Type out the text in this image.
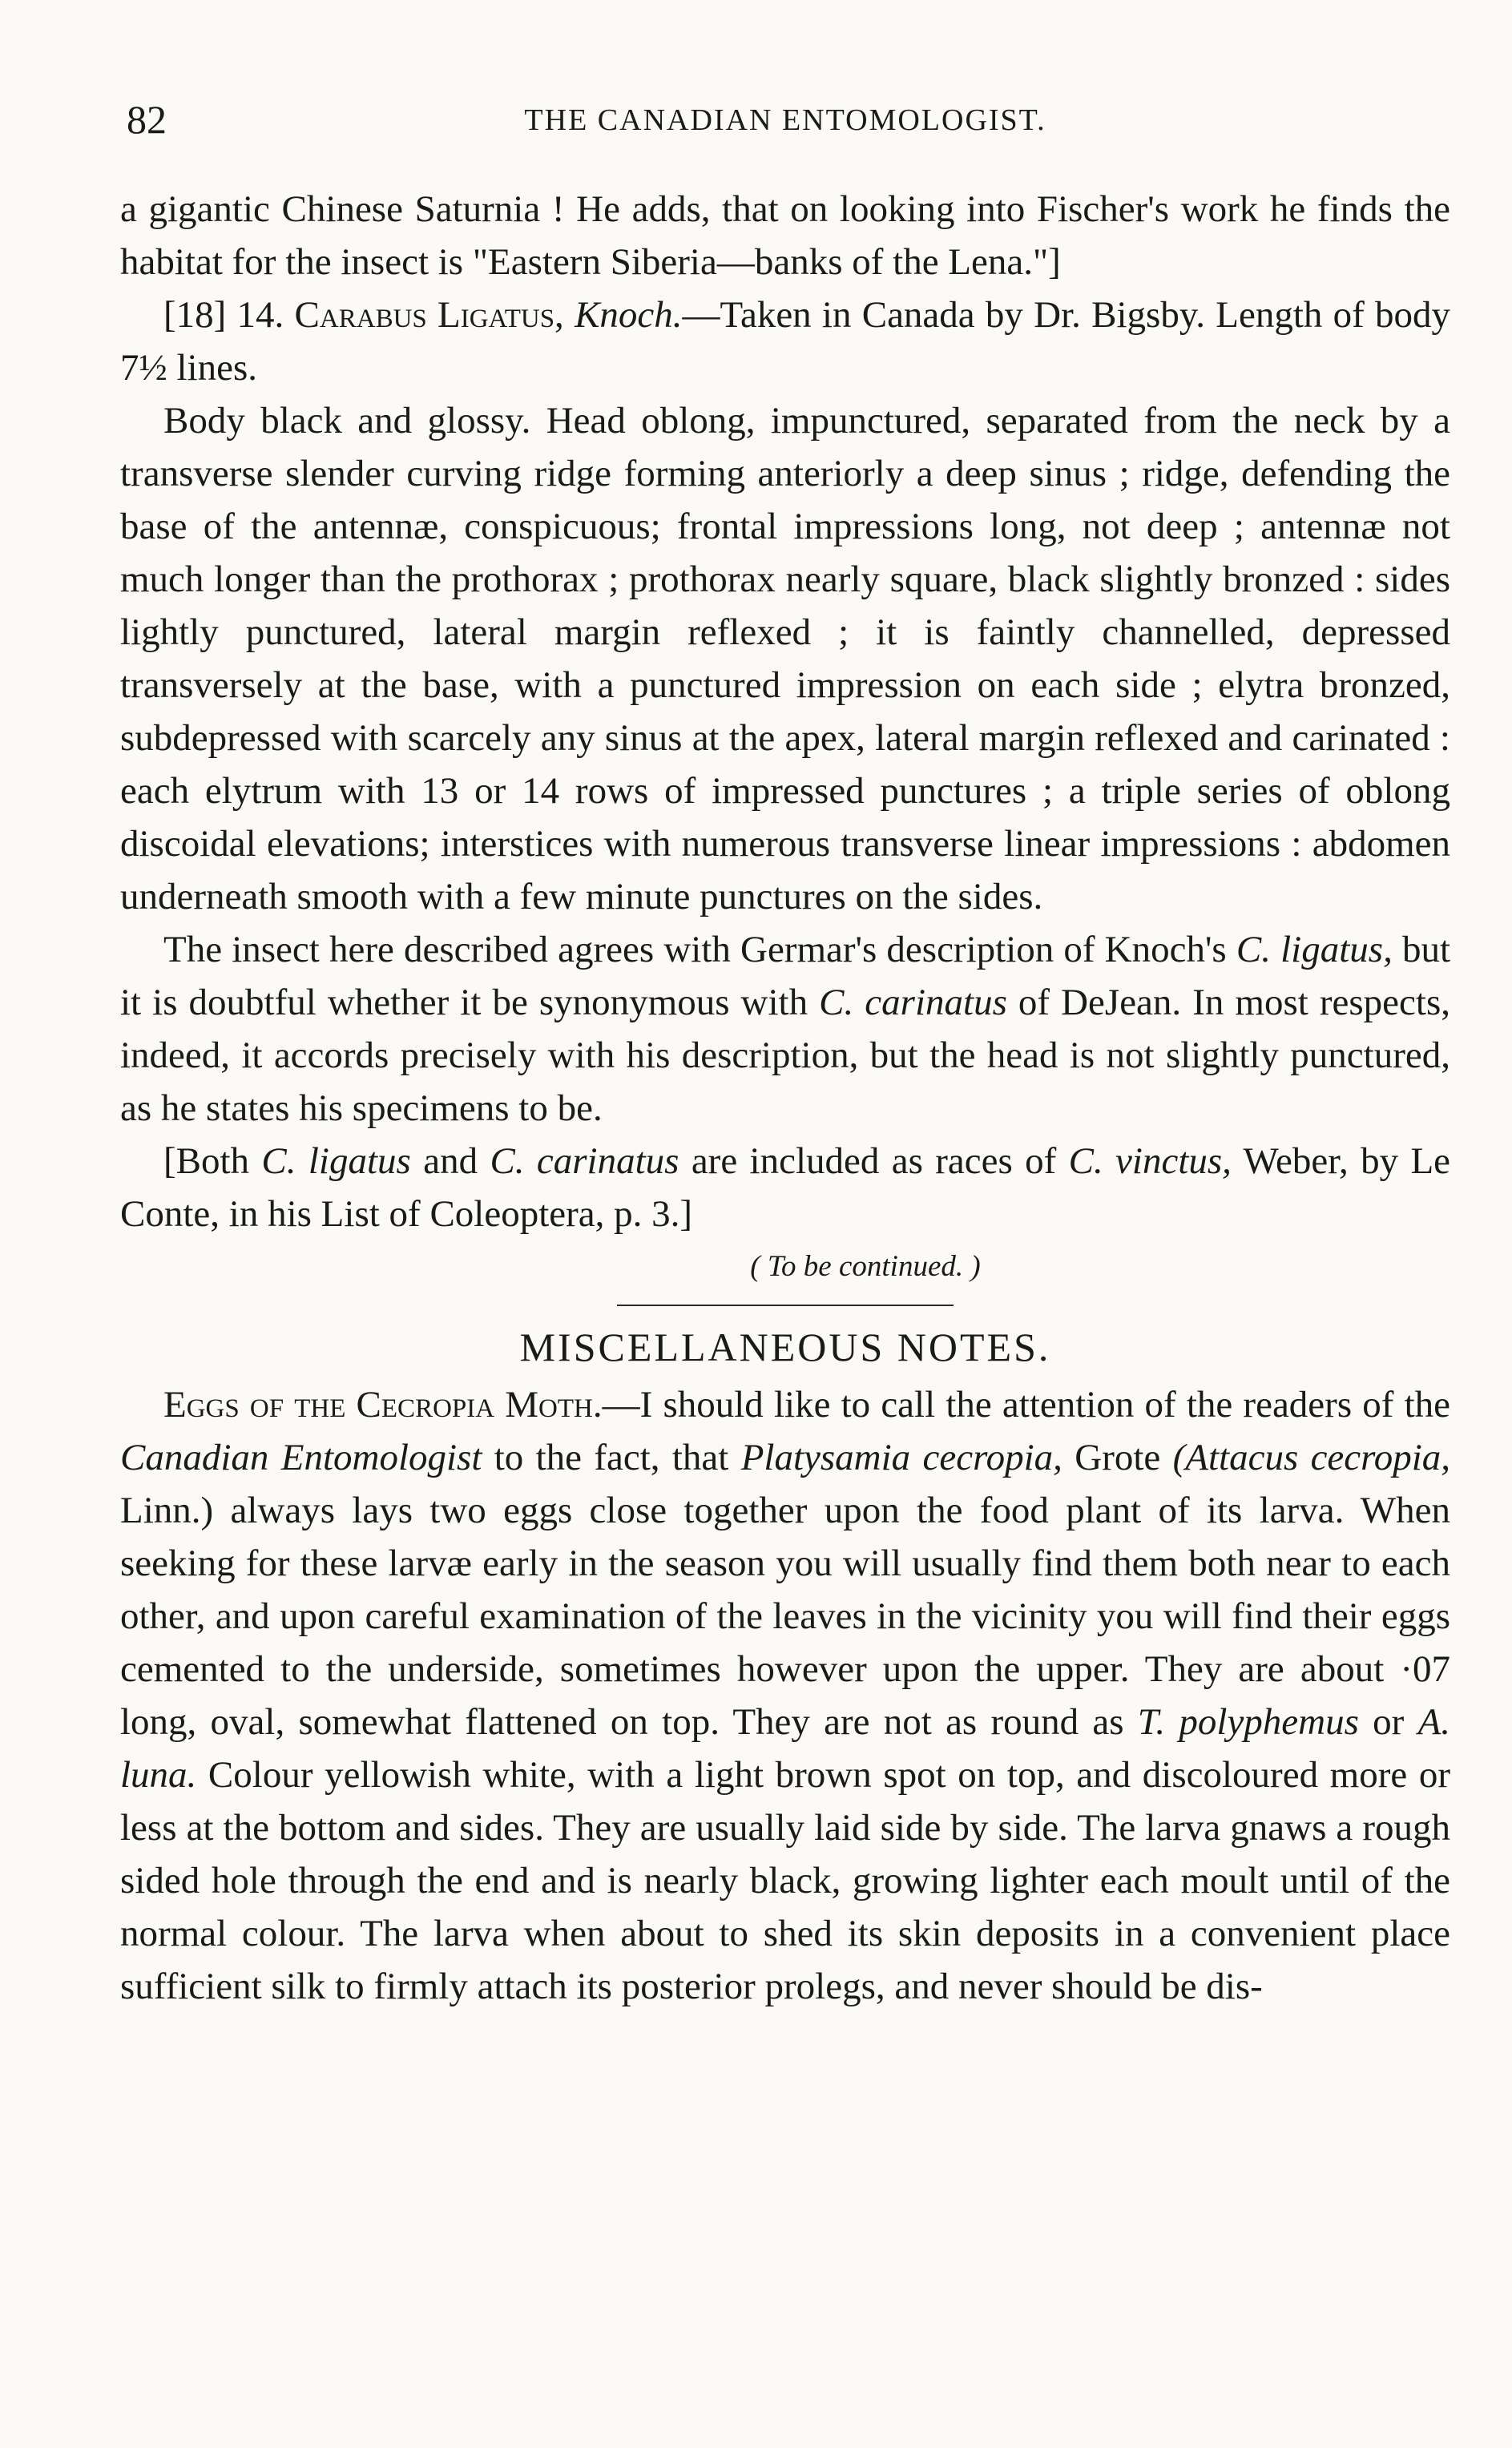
82	THE CANADIAN ENTOMOLOGIST.

a gigantic Chinese Saturnia ! He adds, that on looking into Fischer's work he finds the habitat for the insect is "Eastern Siberia—banks of the Lena."]

[18] 14. Carabus Ligatus, Knoch.—Taken in Canada by Dr. Bigsby. Length of body 7½ lines.

Body black and glossy. Head oblong, impunctured, separated from the neck by a transverse slender curving ridge forming anteriorly a deep sinus ; ridge, defending the base of the antennæ, conspicuous; frontal impressions long, not deep ; antennæ not much longer than the prothorax ; prothorax nearly square, black slightly bronzed : sides lightly punctured, lateral margin reflexed ; it is faintly channelled, depressed transversely at the base, with a punctured impression on each side ; elytra bronzed, subdepressed with scarcely any sinus at the apex, lateral margin reflexed and carinated : each elytrum with 13 or 14 rows of impressed punctures ; a triple series of oblong discoidal elevations; interstices with numerous transverse linear impressions : abdomen underneath smooth with a few minute punctures on the sides.

The insect here described agrees with Germar's description of Knoch's C. ligatus, but it is doubtful whether it be synonymous with C. carinatus of DeJean. In most respects, indeed, it accords precisely with his description, but the head is not slightly punctured, as he states his specimens to be.

[Both C. ligatus and C. carinatus are included as races of C. vinctus, Weber, by Le Conte, in his List of Coleoptera, p. 3.]

( To be continued. )
MISCELLANEOUS NOTES.

Eggs of the Cecropia Moth.—I should like to call the attention of the readers of the Canadian Entomologist to the fact, that Platysamia cecropia, Grote (Attacus cecropia, Linn.) always lays two eggs close together upon the food plant of its larva. When seeking for these larvæ early in the season you will usually find them both near to each other, and upon careful examination of the leaves in the vicinity you will find their eggs cemented to the underside, sometimes however upon the upper. They are about ·07 long, oval, somewhat flattened on top. They are not as round as T. polyphemus or A. luna. Colour yellowish white, with a light brown spot on top, and discoloured more or less at the bottom and sides. They are usually laid side by side. The larva gnaws a rough sided hole through the end and is nearly black, growing lighter each moult until of the normal colour. The larva when about to shed its skin deposits in a convenient place sufficient silk to firmly attach its posterior prolegs, and never should be dis-
